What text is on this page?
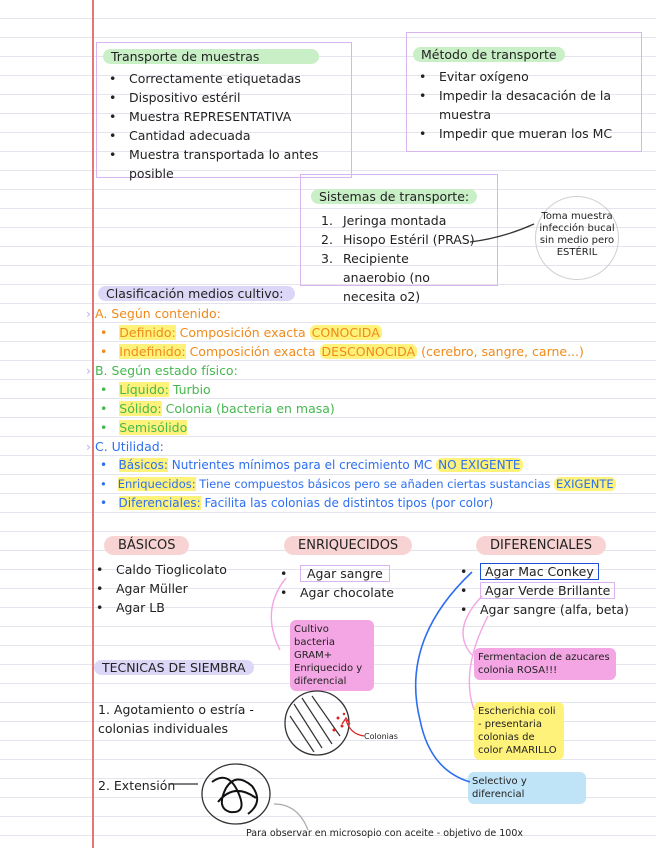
Transporte de muestras
• Correctamente etiquetadas
• Dispositivo estéril
• Muestra REPRESENTATIVA
• Cantidad adecuada
• Muestra transportada lo antes posible
Método de transporte
• Evitar oxígeno
• Impedir la desacación de la muestra
• Impedir que mueran los MC
Sistemas de transporte:
1. Jeringa montada
2. Hisopo Estéril (PRAS)
3. Recipiente anaerobio (no necesita o2)
Toma muestra infección bucal sin medio pero ESTÉRIL
Clasificación medios cultivo:
› A. Según contenido:
•   Definido: Composición exacta CONOCIDA
•   Indefinido: Composición exacta DESCONOCIDA (cerebro, sangre, carne...)
› B. Según estado físico:
•   Líquido: Turbio
•   Sólido: Colonia (bacteria en masa)
•   Semisólido
› C. Utilidad:
•   Básicos: Nutrientes mínimos para el crecimiento MC NO EXIGENTE
•   Enriquecidos: Tiene compuestos básicos pero se añaden ciertas sustancias EXIGENTE
•   Diferenciales: Facilita las colonias de distintos tipos (por color)
BÁSICOS
• Caldo Tioglicolato
• Agar Müller
• Agar LB
ENRIQUECIDOS
• Agar sangre
• Agar chocolate
Cultivo bacteria GRAM+ Enriquecido y diferencial
DIFERENCIALES
• Agar Mac Conkey
• Agar Verde Brillante
• Agar sangre (alfa, beta)
Fermentacion de azucares colonia ROSA!!!
Escherichia coli - presentaria colonias de color AMARILLO
Selectivo y diferencial
TECNICAS DE SIEMBRA
1. Agotamiento o estría - colonias individuales
Colonias
2. Extensión
Para observar en microsopio con aceite - objetivo de 100x
